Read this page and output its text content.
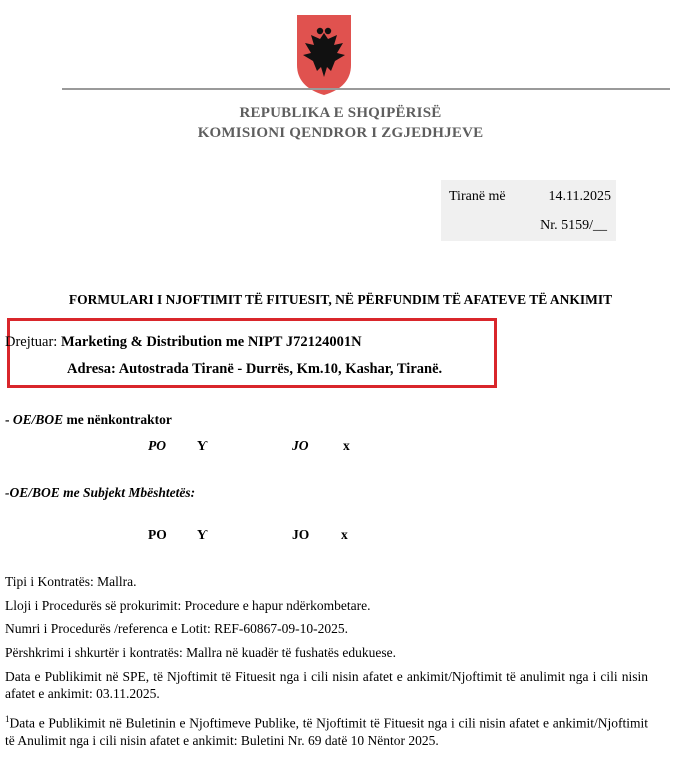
REPUBLIKA E SHQIPËRISË
KOMISIONI QENDROR I ZGJEDHJEVE
Tiranë më	14.11.2025
Nr. 5159/__
FORMULARI I NJOFTIMIT TË FITUESIT, NË PËRFUNDIM TË AFATEVE TË ANKIMIT
Drejtuar: Marketing & Distribution me NIPT J72124001N
Adresa: Autostrada Tiranë - Durrës, Km.10, Kashar, Tiranë.
- OE/BOE me nënkontraktor
PO Ƴ	JO	x
-OE/BOE me Subjekt Mbështetës:
PO Ƴ	JO x
Tipi i Kontratës: Mallra.
Lloji i Procedurës së prokurimit: Procedure e hapur ndërkombetare.
Numri i Procedurës /referenca e Lotit: REF-60867-09-10-2025.
Përshkrimi i shkurtër i kontratës: Mallra në kuadër të fushatës edukuese.
Data e Publikimit në SPE, të Njoftimit të Fituesit nga i cili nisin afatet e ankimit/Njoftimit të anulimit nga i cili nisin afatet e ankimit: 03.11.2025.
$^1$Data e Publikimit në Buletinin e Njoftimeve Publike, të Njoftimit të Fituesit nga i cili nisin afatet e ankimit/Njoftimit të Anulimit nga i cili nisin afatet e ankimit: Buletini Nr. 69 datë 10 Nëntor 2025.
